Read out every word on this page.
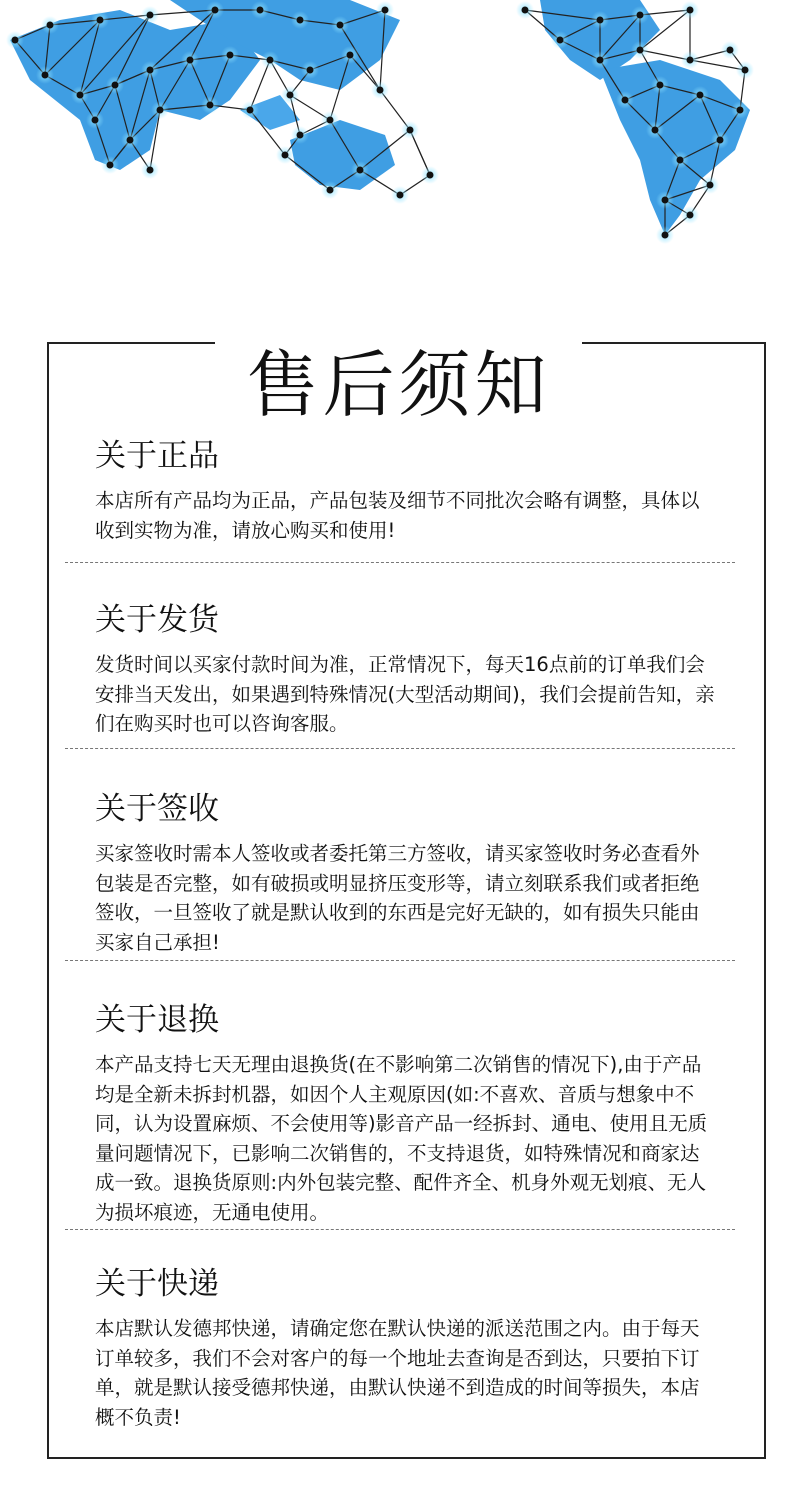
售后须知
关于正品

本店所有产品均为正品，产品包装及细节不同批次会略有调整，具体以收到实物为准，请放心购买和使用!

关于发货

发货时间以买家付款时间为准，正常情况下，每天16点前的订单我们会安排当天发出，如果遇到特殊情况(大型活动期间)，我们会提前告知，亲们在购买时也可以咨询客服。

关于签收

买家签收时需本人签收或者委托第三方签收，请买家签收时务必查看外包装是否完整，如有破损或明显挤压变形等，请立刻联系我们或者拒绝签收，一旦签收了就是默认收到的东西是完好无缺的，如有损失只能由买家自己承担!

关于退换

本产品支持七天无理由退换货(在不影响第二次销售的情况下),由于产品均是全新未拆封机器，如因个人主观原因(如:不喜欢、音质与想象中不同，认为设置麻烦、不会使用等)影音产品一经拆封、通电、使用且无质量问题情况下，已影响二次销售的，不支持退货，如特殊情况和商家达成一致。退换货原则:内外包装完整、配件齐全、机身外观无划痕、无人为损坏痕迹，无通电使用。

关于快递

本店默认发德邦快递，请确定您在默认快递的派送范围之内。由于每天订单较多，我们不会对客户的每一个地址去查询是否到达，只要拍下订单，就是默认接受德邦快递，由默认快递不到造成的时间等损失，本店概不负责!
